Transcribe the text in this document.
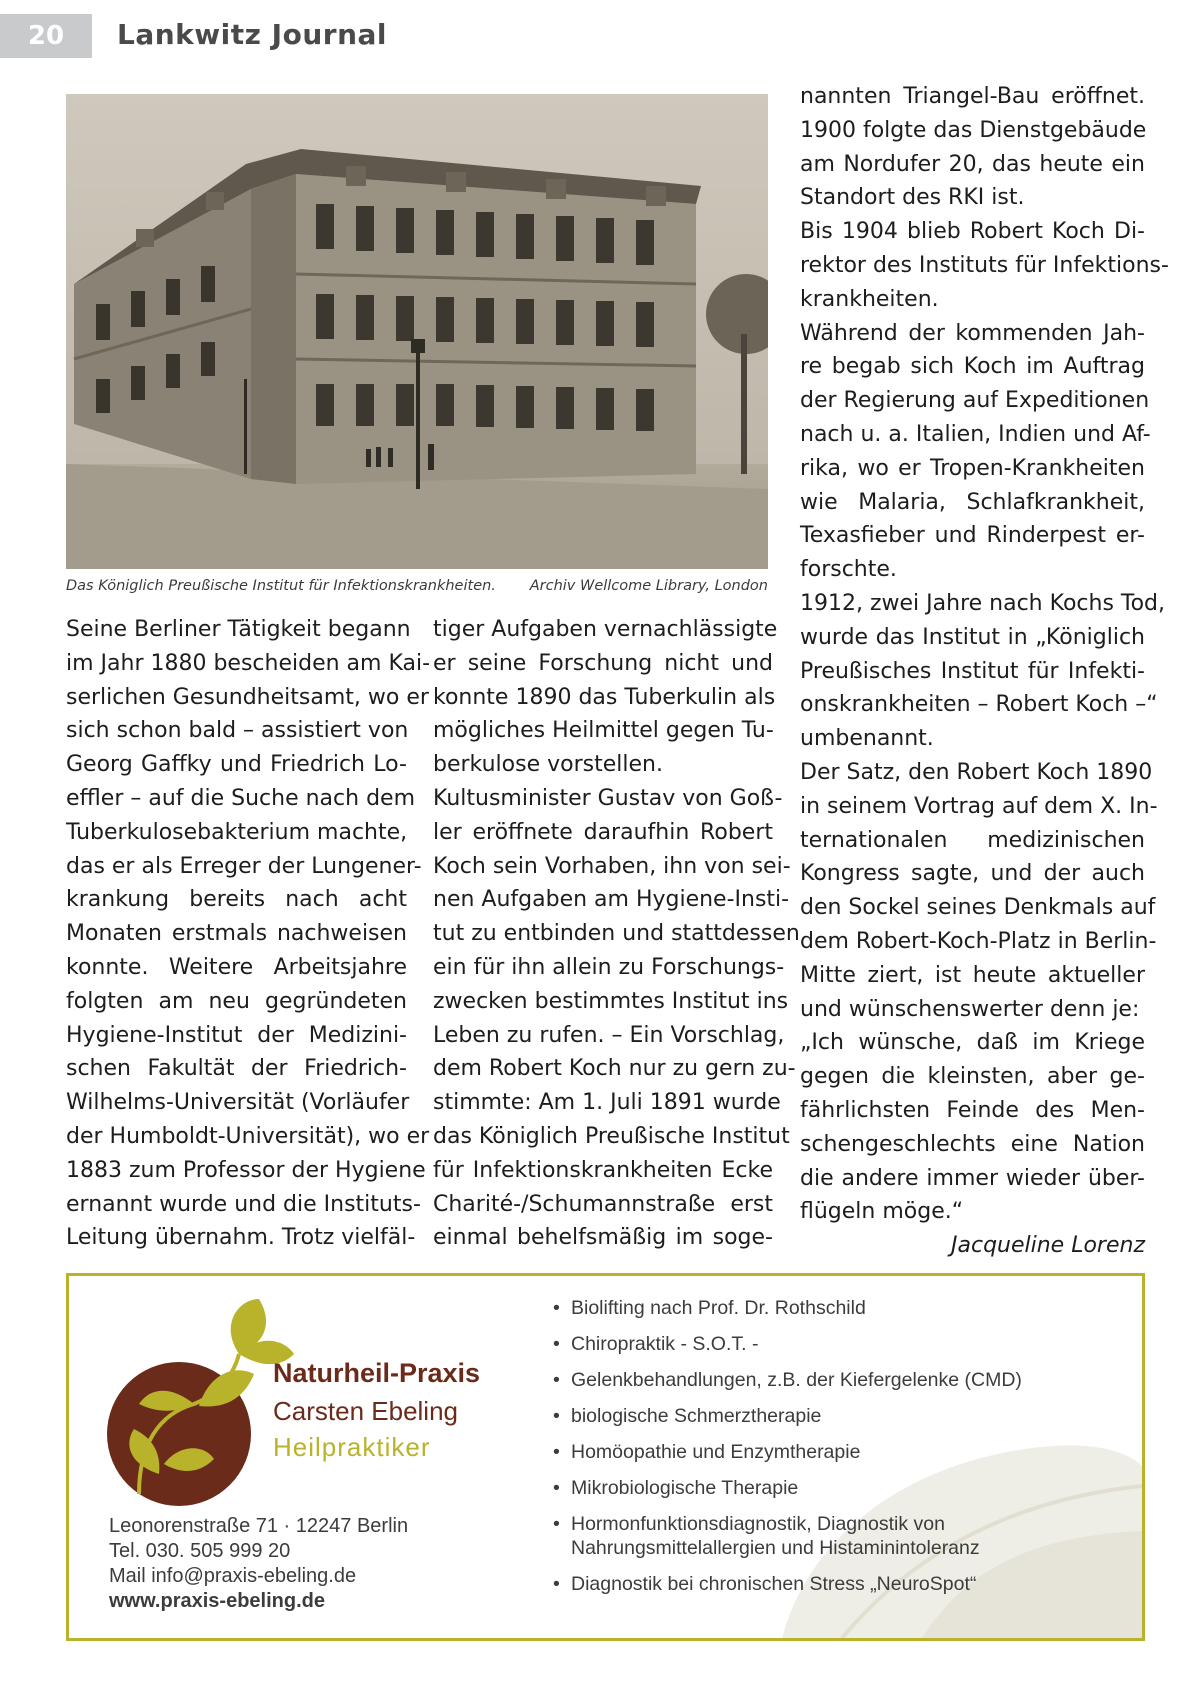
20	Lankwitz Journal
Das Königlich Preußische Institut für Infektionskrankheiten. Archiv Wellcome Library, London
Seine Berliner Tätigkeit begann
im Jahr 1880 bescheiden am Kai-
serlichen Gesundheitsamt, wo er
sich schon bald – assistiert von
Georg Gaffky und Friedrich Lo-
effler – auf die Suche nach dem
Tuberkulosebakterium machte,
das er als Erreger der Lungener-
krankung bereits nach acht
Monaten erstmals nachweisen
konnte. Weitere Arbeitsjahre
folgten am neu gegründeten
Hygiene-Institut der Medizini-
schen Fakultät der Friedrich-
Wilhelms-Universität (Vorläufer
der Humboldt-Universität), wo er
1883 zum Professor der Hygiene
ernannt wurde und die Instituts-
Leitung übernahm. Trotz vielfäl-
tiger Aufgaben vernachlässigte
er seine Forschung nicht und
konnte 1890 das Tuberkulin als
mögliches Heilmittel gegen Tu-
berkulose vorstellen.
Kultusminister Gustav von Goß-
ler eröffnete daraufhin Robert
Koch sein Vorhaben, ihn von sei-
nen Aufgaben am Hygiene-Insti-
tut zu entbinden und stattdessen
ein für ihn allein zu Forschungs-
zwecken bestimmtes Institut ins
Leben zu rufen. – Ein Vorschlag,
dem Robert Koch nur zu gern zu-
stimmte: Am 1. Juli 1891 wurde
das Königlich Preußische Institut
für Infektionskrankheiten Ecke
Charité-/Schumannstraße erst
einmal behelfsmäßig im soge-
nannten Triangel-Bau eröffnet.
1900 folgte das Dienstgebäude
am Nordufer 20, das heute ein
Standort des RKI ist.
Bis 1904 blieb Robert Koch Di-
rektor des Instituts für Infektions-
krankheiten.
Während der kommenden Jah-
re begab sich Koch im Auftrag
der Regierung auf Expeditionen
nach u. a. Italien, Indien und Af-
rika, wo er Tropen-Krankheiten
wie Malaria, Schlafkrankheit,
Texasfieber und Rinderpest er-
forschte.
1912, zwei Jahre nach Kochs Tod,
wurde das Institut in „Königlich
Preußisches Institut für Infekti-
onskrankheiten – Robert Koch –“
umbenannt.
Der Satz, den Robert Koch 1890
in seinem Vortrag auf dem X. In-
ternationalen medizinischen
Kongress sagte, und der auch
den Sockel seines Denkmals auf
dem Robert-Koch-Platz in Berlin-
Mitte ziert, ist heute aktueller
und wünschenswerter denn je:
„Ich wünsche, daß im Kriege
gegen die kleinsten, aber ge-
fährlichsten Feinde des Men-
schengeschlechts eine Nation
die andere immer wieder über-
flügeln möge.“
Jacqueline Lorenz
Naturheil-Praxis
Carsten Ebeling
Heilpraktiker
Leonorenstraße 71 · 12247 Berlin
Tel. 030. 505 999 20
Mail info@praxis-ebeling.de
www.praxis-ebeling.de
• Biolifting nach Prof. Dr. Rothschild
• Chiropraktik - S.O.T. -
• Gelenkbehandlungen, z.B. der Kiefergelenke (CMD)
• biologische Schmerztherapie
• Homöopathie und Enzymtherapie
• Mikrobiologische Therapie
• Hormonfunktionsdiagnostik, Diagnostik von Nahrungsmittelallergien und Histaminintoleranz
• Diagnostik bei chronischen Stress „NeuroSpot“
